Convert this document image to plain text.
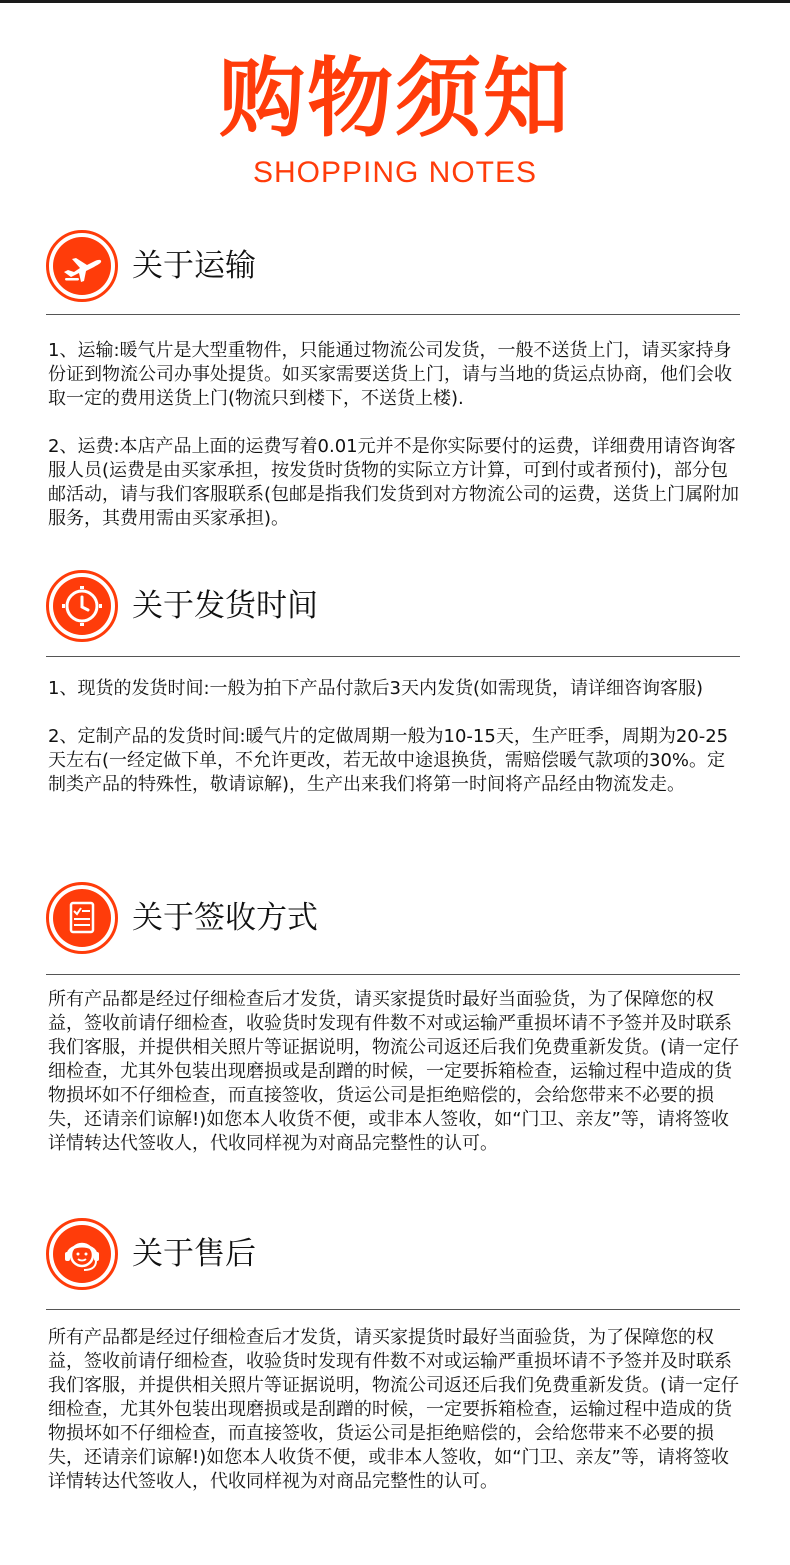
购物须知
SHOPPING NOTES
关于运输

1、运输:暖气片是大型重物件，只能通过物流公司发货，一般不送货上门，请买家持身份证到物流公司办事处提货。如买家需要送货上门，请与当地的货运点协商，他们会收取一定的费用送货上门(物流只到楼下，不送货上楼).

2、运费:本店产品上面的运费写着0.01元并不是你实际要付的运费，详细费用请咨询客服人员(运费是由买家承担，按发货时货物的实际立方计算，可到付或者预付)，部分包邮活动，请与我们客服联系(包邮是指我们发货到对方物流公司的运费，送货上门属附加服务，其费用需由买家承担)。

关于发货时间

1、现货的发货时间:一般为拍下产品付款后3天内发货(如需现货，请详细咨询客服)

2、定制产品的发货时间:暖气片的定做周期一般为10-15天，生产旺季，周期为20-25天左右(一经定做下单，不允许更改，若无故中途退换货，需赔偿暖气款项的30%。定制类产品的特殊性，敬请谅解)，生产出来我们将第一时间将产品经由物流发走。

关于签收方式

所有产品都是经过仔细检查后才发货，请买家提货时最好当面验货，为了保障您的权益，签收前请仔细检查，收验货时发现有件数不对或运输严重损坏请不予签并及时联系我们客服，并提供相关照片等证据说明，物流公司返还后我们免费重新发货。(请一定仔细检查，尤其外包装出现磨损或是刮蹭的时候，一定要拆箱检查，运输过程中造成的货物损坏如不仔细检查，而直接签收，货运公司是拒绝赔偿的，会给您带来不必要的损失，还请亲们谅解!)如您本人收货不便，或非本人签收，如“门卫、亲友”等，请将签收详情转达代签收人，代收同样视为对商品完整性的认可。

关于售后

所有产品都是经过仔细检查后才发货，请买家提货时最好当面验货，为了保障您的权益，签收前请仔细检查，收验货时发现有件数不对或运输严重损坏请不予签并及时联系我们客服，并提供相关照片等证据说明，物流公司返还后我们免费重新发货。(请一定仔细检查，尤其外包装出现磨损或是刮蹭的时候，一定要拆箱检查，运输过程中造成的货物损坏如不仔细检查，而直接签收，货运公司是拒绝赔偿的，会给您带来不必要的损失，还请亲们谅解!)如您本人收货不便，或非本人签收，如“门卫、亲友”等，请将签收详情转达代签收人，代收同样视为对商品完整性的认可。
